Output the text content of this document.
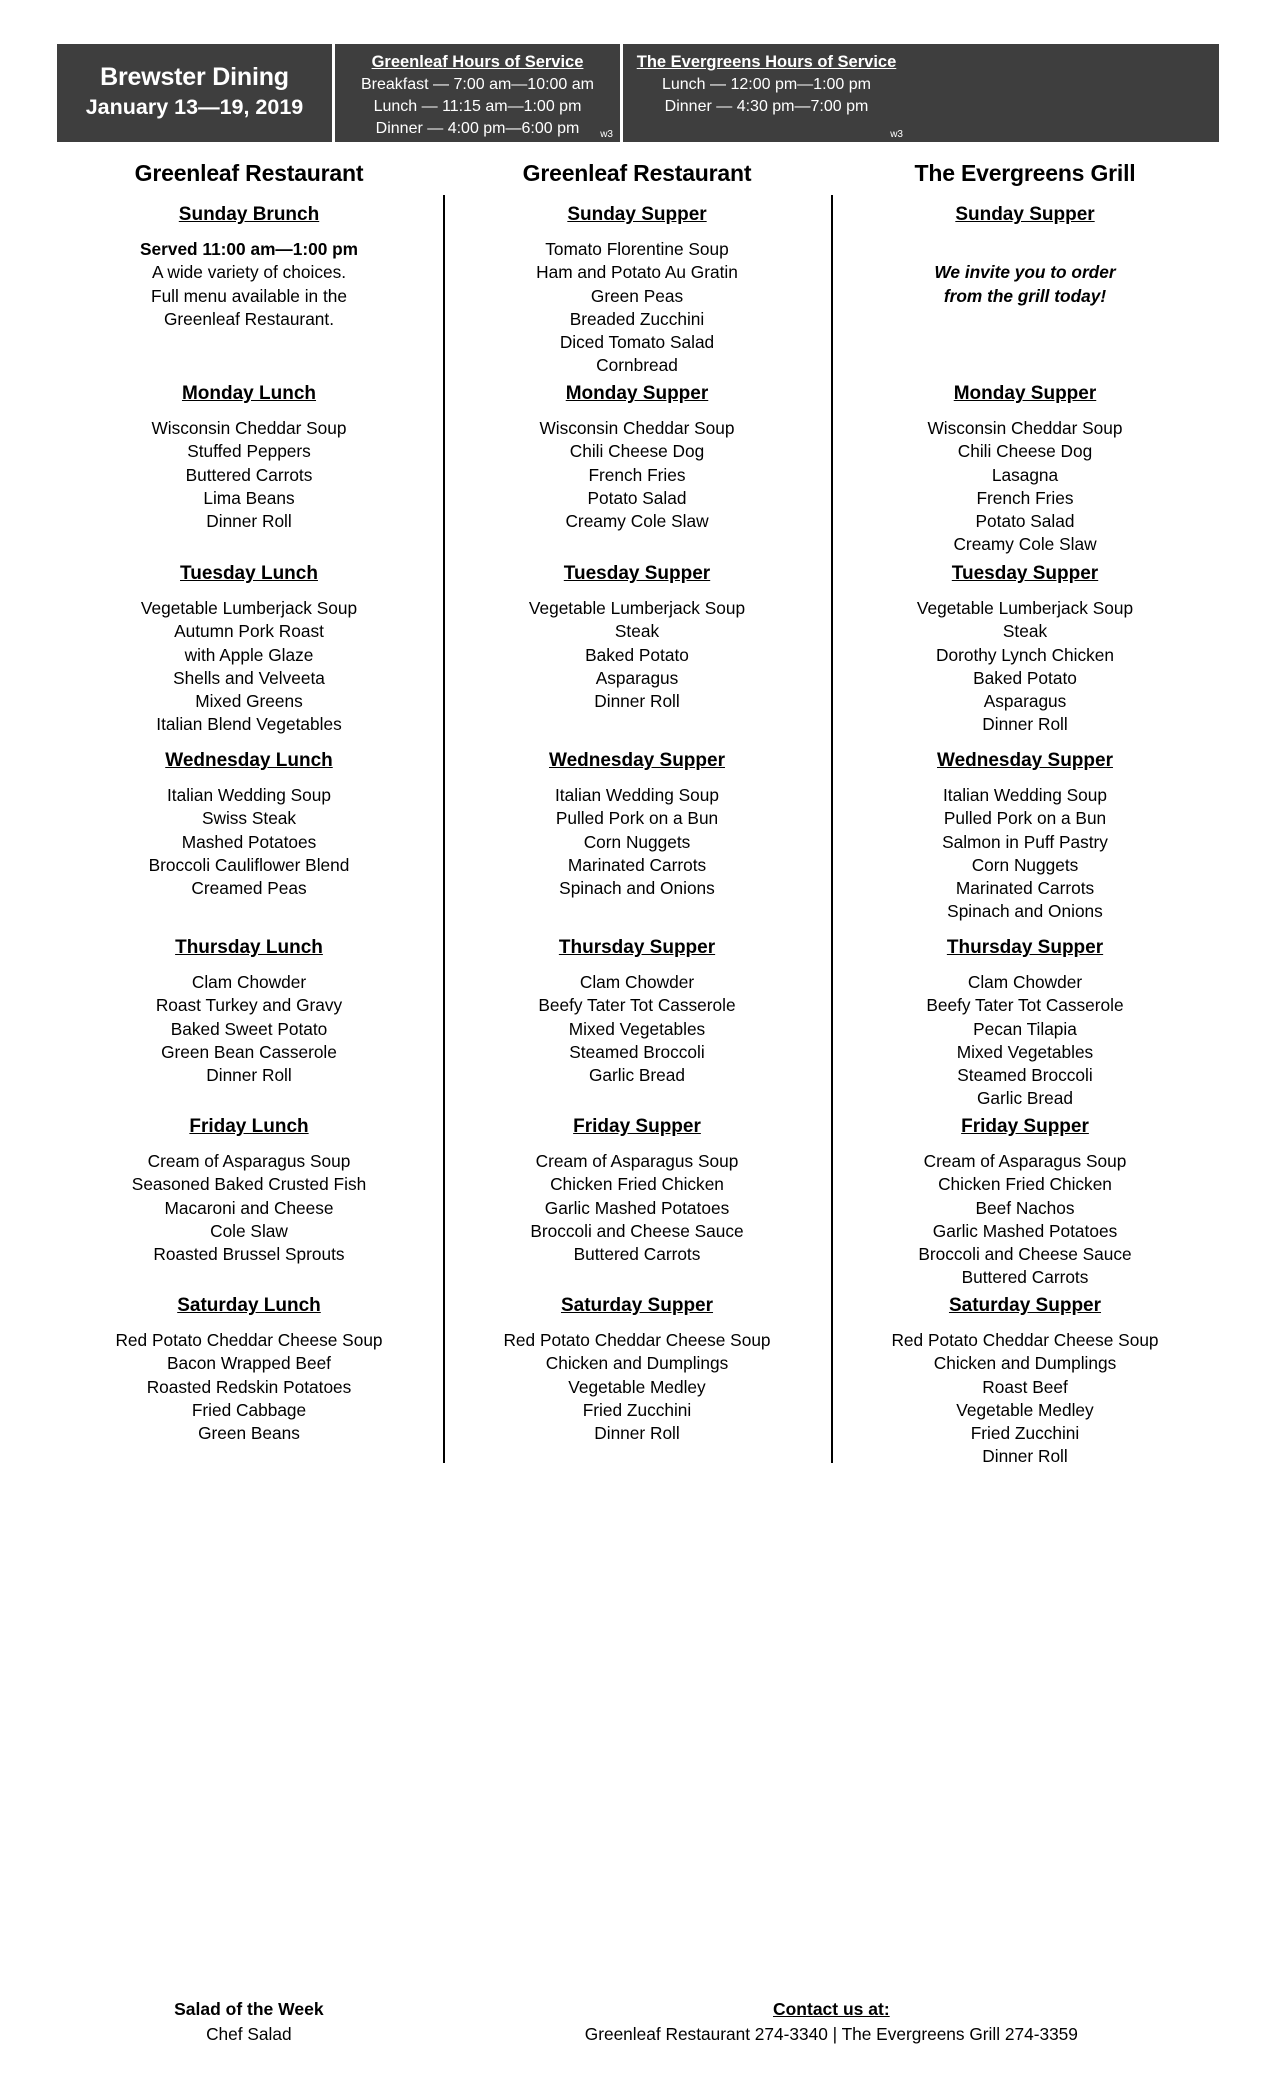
Brewster Dining
January 13—19, 2019
Greenleaf Hours of Service
Breakfast — 7:00 am—10:00 am
Lunch — 11:15 am—1:00 pm
Dinner — 4:00 pm—6:00 pm w3
The Evergreens Hours of Service
Lunch — 12:00 pm—1:00 pm
Dinner — 4:30 pm—7:00 pm
w3
Greenleaf Restaurant
Sunday Brunch
Served 11:00 am—1:00 pm
A wide variety of choices.
Full menu available in the
Greenleaf Restaurant.
Monday Lunch
Wisconsin Cheddar Soup
Stuffed Peppers
Buttered Carrots
Lima Beans
Dinner Roll
Tuesday Lunch
Vegetable Lumberjack Soup
Autumn Pork Roast
with Apple Glaze
Shells and Velveeta
Mixed Greens
Italian Blend Vegetables
Wednesday Lunch
Italian Wedding Soup
Swiss Steak
Mashed Potatoes
Broccoli Cauliflower Blend
Creamed Peas
Thursday Lunch
Clam Chowder
Roast Turkey and Gravy
Baked Sweet Potato
Green Bean Casserole
Dinner Roll
Friday Lunch
Cream of Asparagus Soup
Seasoned Baked Crusted Fish
Macaroni and Cheese
Cole Slaw
Roasted Brussel Sprouts
Saturday Lunch
Red Potato Cheddar Cheese Soup
Bacon Wrapped Beef
Roasted Redskin Potatoes
Fried Cabbage
Green Beans
Greenleaf Restaurant
Sunday Supper
Tomato Florentine Soup
Ham and Potato Au Gratin
Green Peas
Breaded Zucchini
Diced Tomato Salad
Cornbread
Monday Supper
Wisconsin Cheddar Soup
Chili Cheese Dog
French Fries
Potato Salad
Creamy Cole Slaw
Tuesday Supper
Vegetable Lumberjack Soup
Steak
Baked Potato
Asparagus
Dinner Roll
Wednesday Supper
Italian Wedding Soup
Pulled Pork on a Bun
Corn Nuggets
Marinated Carrots
Spinach and Onions
Thursday Supper
Clam Chowder
Beefy Tater Tot Casserole
Mixed Vegetables
Steamed Broccoli
Garlic Bread
Friday Supper
Cream of Asparagus Soup
Chicken Fried Chicken
Garlic Mashed Potatoes
Broccoli and Cheese Sauce
Buttered Carrots
Saturday Supper
Red Potato Cheddar Cheese Soup
Chicken and Dumplings
Vegetable Medley
Fried Zucchini
Dinner Roll
The Evergreens Grill
Sunday Supper

We invite you to order
from the grill today!
Monday Supper
Wisconsin Cheddar Soup
Chili Cheese Dog
Lasagna
French Fries
Potato Salad
Creamy Cole Slaw
Tuesday Supper
Vegetable Lumberjack Soup
Steak
Dorothy Lynch Chicken
Baked Potato
Asparagus
Dinner Roll
Wednesday Supper
Italian Wedding Soup
Pulled Pork on a Bun
Salmon in Puff Pastry
Corn Nuggets
Marinated Carrots
Spinach and Onions
Thursday Supper
Clam Chowder
Beefy Tater Tot Casserole
Pecan Tilapia
Mixed Vegetables
Steamed Broccoli
Garlic Bread
Friday Supper
Cream of Asparagus Soup
Chicken Fried Chicken
Beef Nachos
Garlic Mashed Potatoes
Broccoli and Cheese Sauce
Buttered Carrots
Saturday Supper
Red Potato Cheddar Cheese Soup
Chicken and Dumplings
Roast Beef
Vegetable Medley
Fried Zucchini
Dinner Roll
Salad of the Week
Chef Salad
Contact us at:
Greenleaf Restaurant 274-3340 | The Evergreens Grill 274-3359
